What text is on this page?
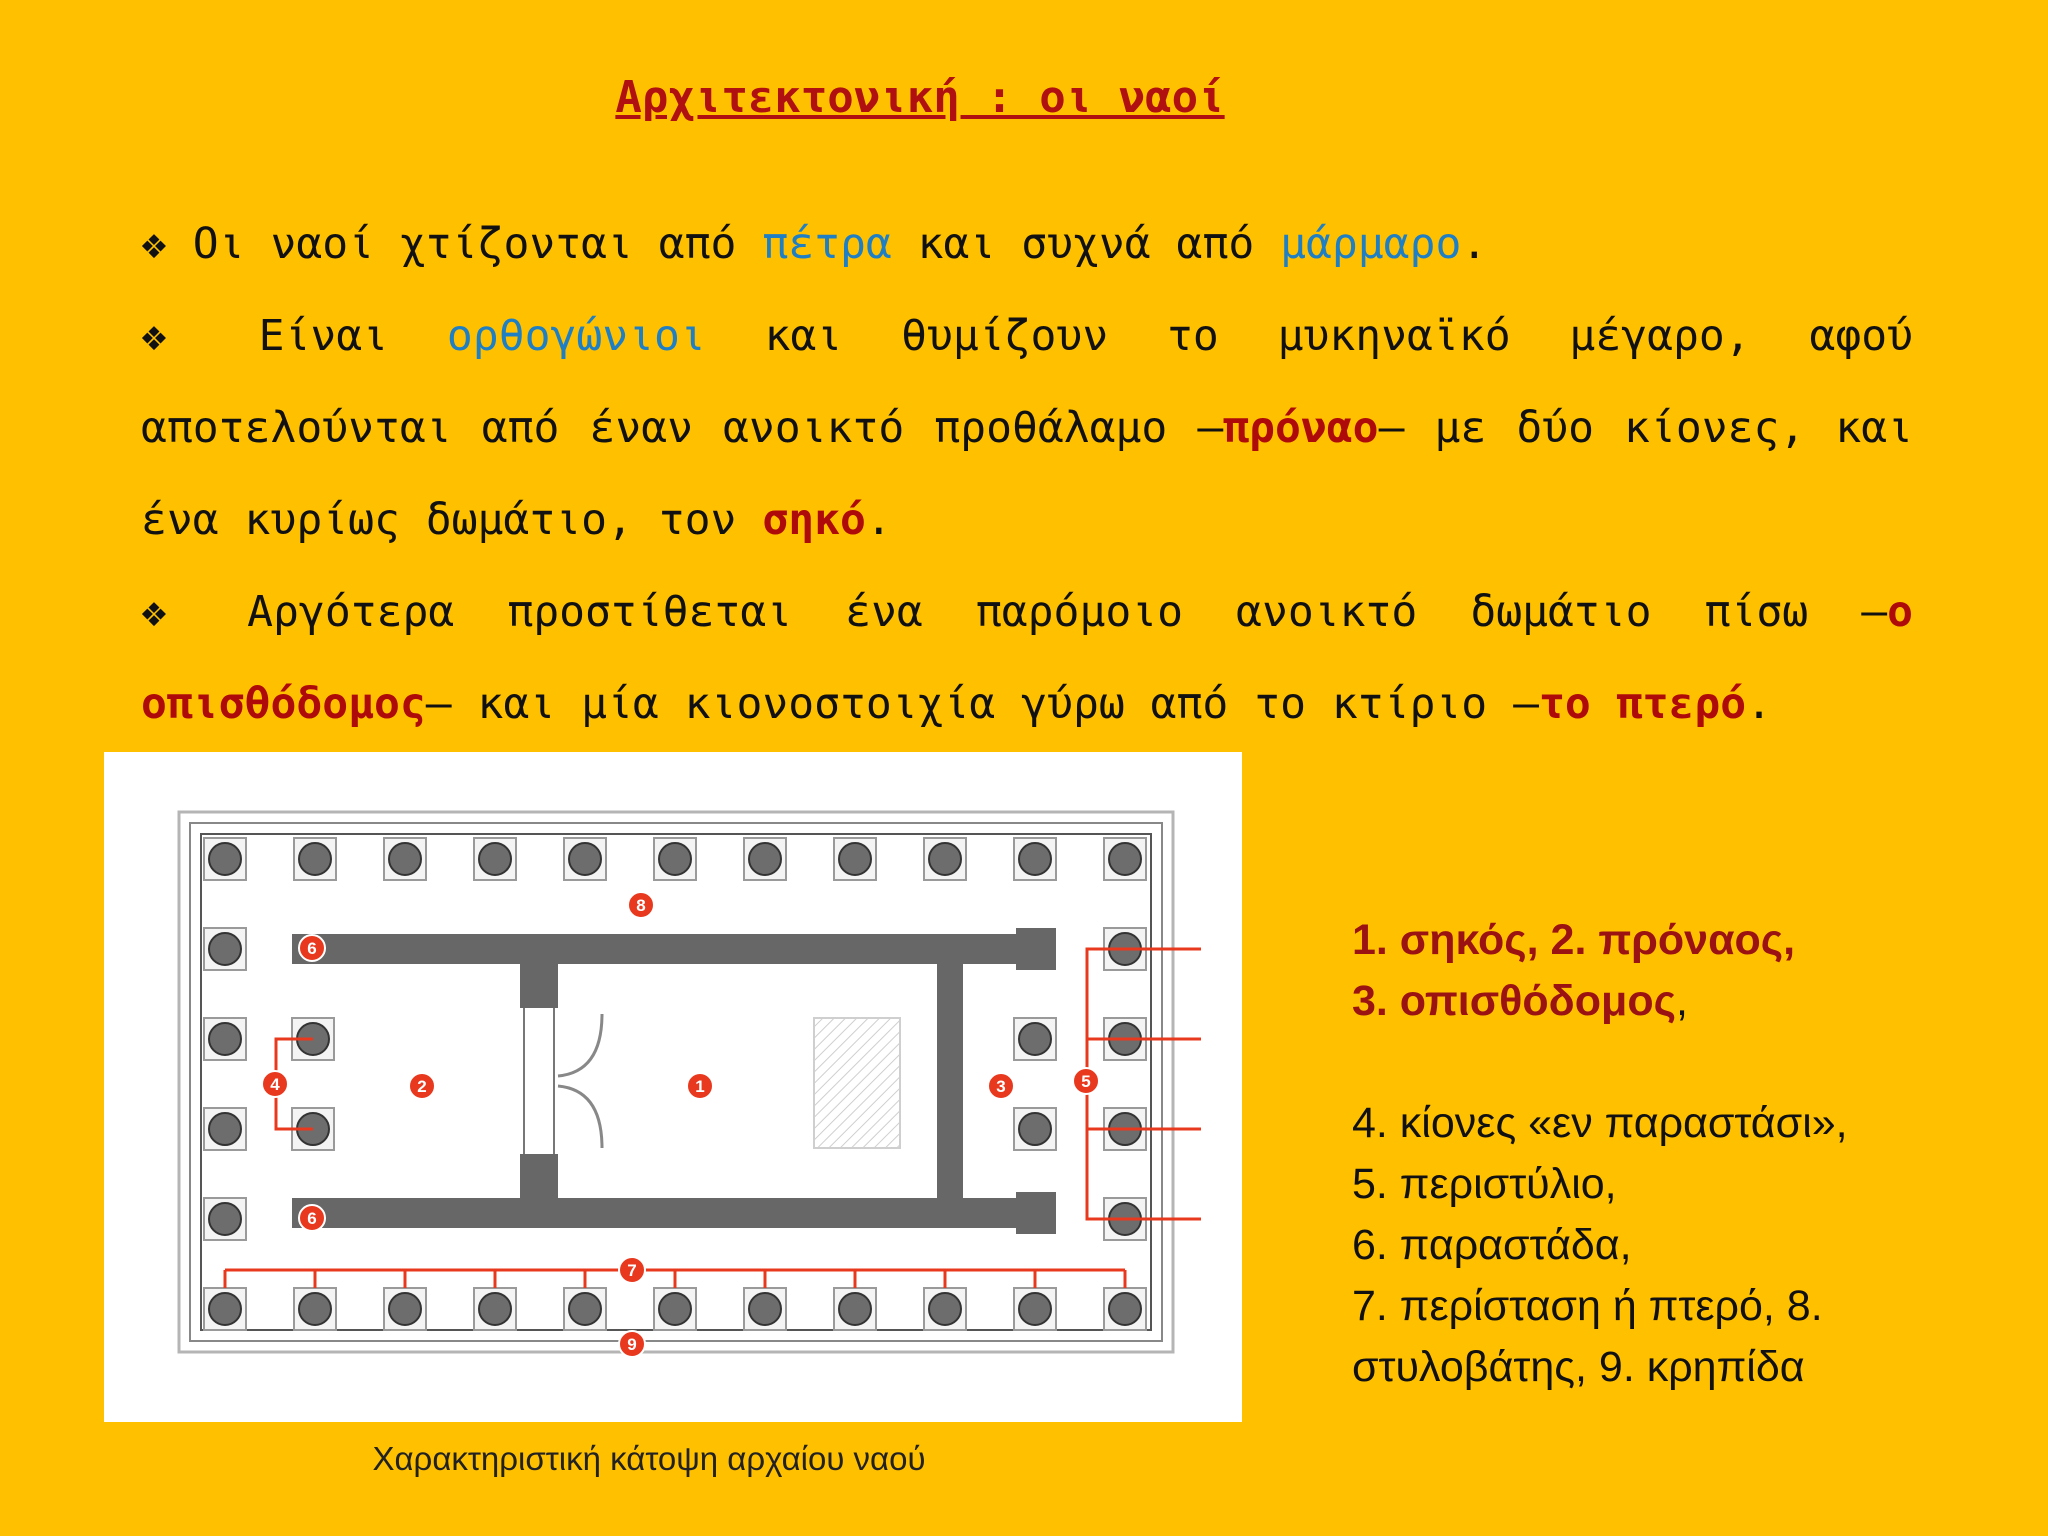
Αρχιτεκτονική : οι ναοί

❖ Οι ναοί χτίζονται από πέτρα και συχνά από μάρμαρο.

❖ Είναι ορθογώνιοι και θυμίζουν το μυκηναϊκό μέγαρο, αφού αποτελούνται από έναν ανοικτό προθάλαμο –πρόναο– με δύο κίονες, και ένα κυρίως δωμάτιο, τον σηκό.

❖ Αργότερα προστίθεται ένα παρόμοιο ανοικτό δωμάτιο πίσω –ο οπισθόδομος– και μία κιονοστοιχία γύρω από το κτίριο –το πτερό.

1
2	3
4	5
6
6
7
8
9
Χαρακτηριστική κάτοψη αρχαίου ναού

1. σηκός, 2. πρόναος,

3. οπισθόδομος,

4. κίονες «εν παραστάσι»,

5. περιστύλιο,

6. παραστάδα,

7. περίσταση ή πτερό, 8.

στυλοβάτης, 9. κρηπίδα
